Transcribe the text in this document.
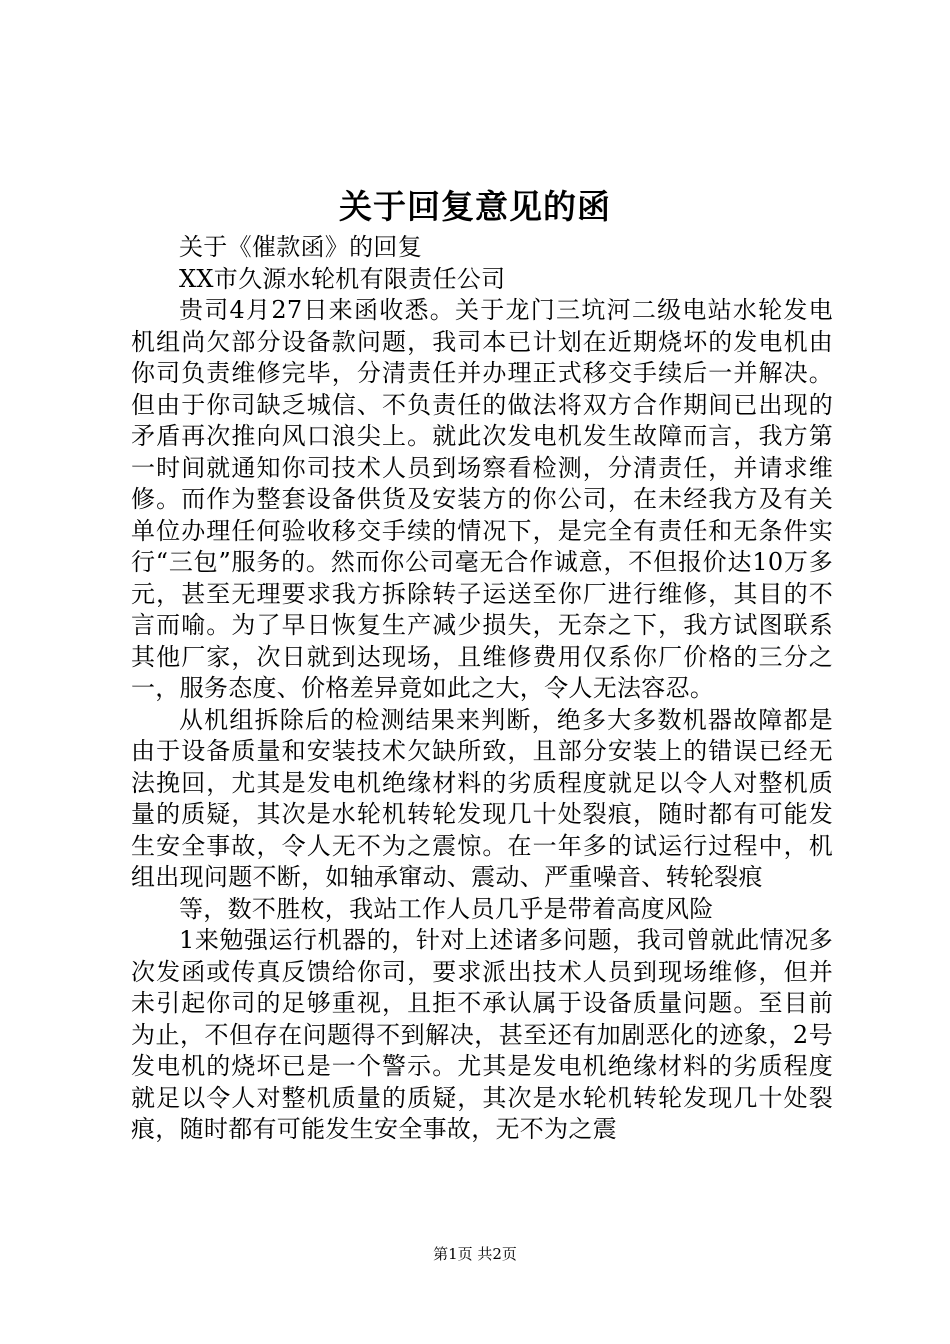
关于回复意见的函

关于《催款函》的回复

XX市久源水轮机有限责任公司

贵司4月27日来函收悉。关于龙门三坑河二级电站水轮发电机组尚欠部分设备款问题，我司本已计划在近期烧坏的发电机由你司负责维修完毕，分清责任并办理正式移交手续后一并解决。但由于你司缺乏城信、不负责任的做法将双方合作期间已出现的矛盾再次推向风口浪尖上。就此次发电机发生故障而言，我方第一时间就通知你司技术人员到场察看检测，分清责任，并请求维修。而作为整套设备供货及安装方的你公司，在未经我方及有关单位办理任何验收移交手续的情况下，是完全有责任和无条件实行“三包”服务的。然而你公司毫无合作诚意，不但报价达10万多元，甚至无理要求我方拆除转子运送至你厂进行维修，其目的不言而喻。为了早日恢复生产减少损失，无奈之下，我方试图联系其他厂家，次日就到达现场，且维修费用仅系你厂价格的三分之一，服务态度、价格差异竟如此之大，令人无法容忍。

从机组拆除后的检测结果来判断，绝多大多数机器故障都是由于设备质量和安装技术欠缺所致，且部分安装上的错误已经无法挽回，尤其是发电机绝缘材料的劣质程度就足以令人对整机质量的质疑，其次是水轮机转轮发现几十处裂痕，随时都有可能发生安全事故，令人无不为之震惊。在一年多的试运行过程中，机组出现问题不断，如轴承窜动、震动、严重噪音、转轮裂痕

等，数不胜枚，我站工作人员几乎是带着高度风险

1来勉强运行机器的，针对上述诸多问题，我司曾就此情况多次发函或传真反馈给你司，要求派出技术人员到现场维修，但并未引起你司的足够重视，且拒不承认属于设备质量问题。至目前为止，不但存在问题得不到解决，甚至还有加剧恶化的迹象，2号发电机的烧坏已是一个警示。尤其是发电机绝缘材料的劣质程度就足以令人对整机质量的质疑，其次是水轮机转轮发现几十处裂痕，随时都有可能发生安全事故，无不为之震

第1页 共2页
